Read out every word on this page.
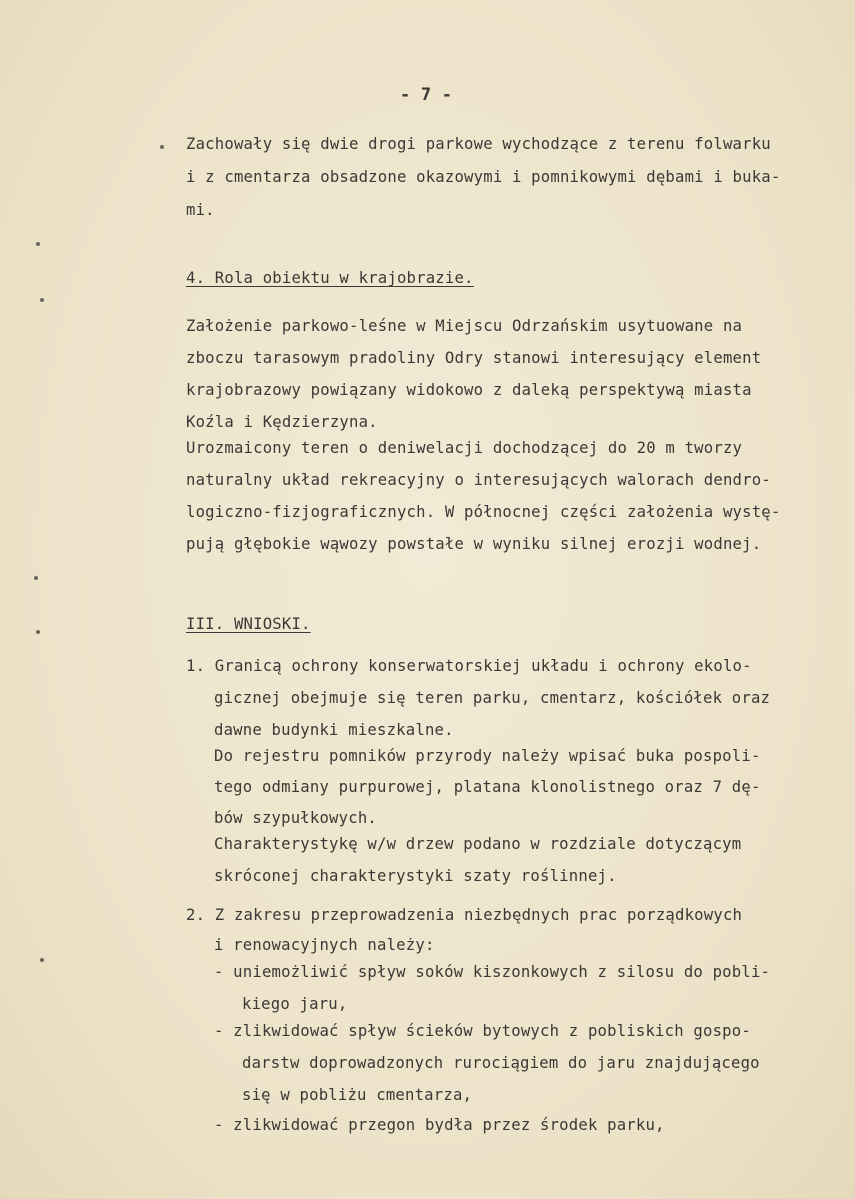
- 7 -
Zachowały się dwie drogi parkowe wychodzące z terenu folwarku
i z cmentarza obsadzone okazowymi i pomnikowymi dębami i buka-
mi.
4. Rola obiektu w krajobrazie.
Założenie parkowo-leśne w Miejscu Odrzańskim usytuowane na
zboczu tarasowym pradoliny Odry stanowi interesujący element
krajobrazowy powiązany widokowo z daleką perspektywą miasta
Koźla i Kędzierzyna.
Urozmaicony teren o deniwelacji dochodzącej do 20 m tworzy
naturalny układ rekreacyjny o interesujących walorach dendro-
logiczno-fizjograficznych. W północnej części założenia wystę-
pują głębokie wąwozy powstałe w wyniku silnej erozji wodnej.
III. WNIOSKI.
1. Granicą ochrony konserwatorskiej układu i ochrony ekolo-
gicznej obejmuje się teren parku, cmentarz, kościółek oraz
dawne budynki mieszkalne.
Do rejestru pomników przyrody należy wpisać buka pospoli-
tego odmiany purpurowej, platana klonolistnego oraz 7 dę-
bów szypułkowych.
Charakterystykę w/w drzew podano w rozdziale dotyczącym
skróconej charakterystyki szaty roślinnej.
2. Z zakresu przeprowadzenia niezbędnych prac porządkowych
i renowacyjnych należy:
- uniemożliwić spływ soków kiszonkowych z silosu do pobli-
kiego jaru,
- zlikwidować spływ ścieków bytowych z pobliskich gospo-
darstw doprowadzonych rurociągiem do jaru znajdującego
się w pobliżu cmentarza,
- zlikwidować przegon bydła przez środek parku,
